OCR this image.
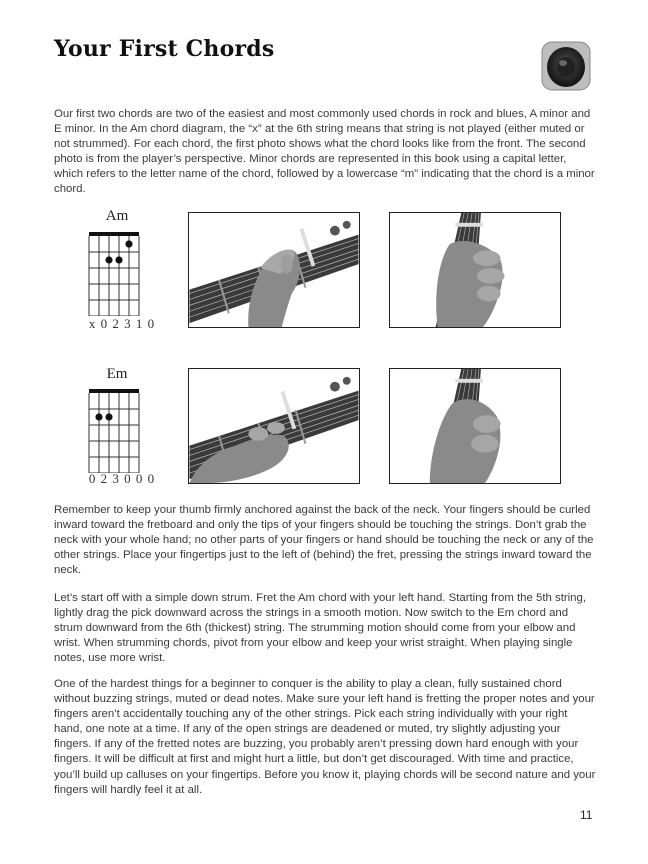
Your First Chords

Our first two chords are two of the easiest and most commonly used chords in rock and blues, A minor and E minor. In the Am chord diagram, the “x” at the 6th string means that string is not played (either muted or not strummed). For each chord, the first photo shows what the chord looks like from the front. The second photo is from the player’s perspective. Minor chords are represented in this book using a capital letter, which refers to the letter name of the chord, followed by a lowercase “m” indicating that the chord is a minor chord.

Am
x 0 2 3 1 0
Em
0 2 3 0 0 0

Remember to keep your thumb firmly anchored against the back of the neck. Your fingers should be curled inward toward the fretboard and only the tips of your fingers should be touching the strings. Don’t grab the neck with your whole hand; no other parts of your fingers or hand should be touching the neck or any of the other strings. Place your fingertips just to the left of (behind) the fret, pressing the strings inward toward the neck.

Let’s start off with a simple down strum. Fret the Am chord with your left hand. Starting from the 5th string, lightly drag the pick downward across the strings in a smooth motion. Now switch to the Em chord and strum downward from the 6th (thickest) string. The strumming motion should come from your elbow and wrist. When strumming chords, pivot from your elbow and keep your wrist straight. When playing single notes, use more wrist.

One of the hardest things for a beginner to conquer is the ability to play a clean, fully sustained chord without buzzing strings, muted or dead notes. Make sure your left hand is fretting the proper notes and your fingers aren’t accidentally touching any of the other strings. Pick each string individually with your right hand, one note at a time. If any of the open strings are deadened or muted, try slightly adjusting your fingers. If any of the fretted notes are buzzing, you probably aren’t pressing down hard enough with your fingers. It will be difficult at first and might hurt a little, but don’t get discouraged. With time and practice, you’ll build up calluses on your fingertips. Before you know it, playing chords will be second nature and your fingers will hardly feel it at all.

11
